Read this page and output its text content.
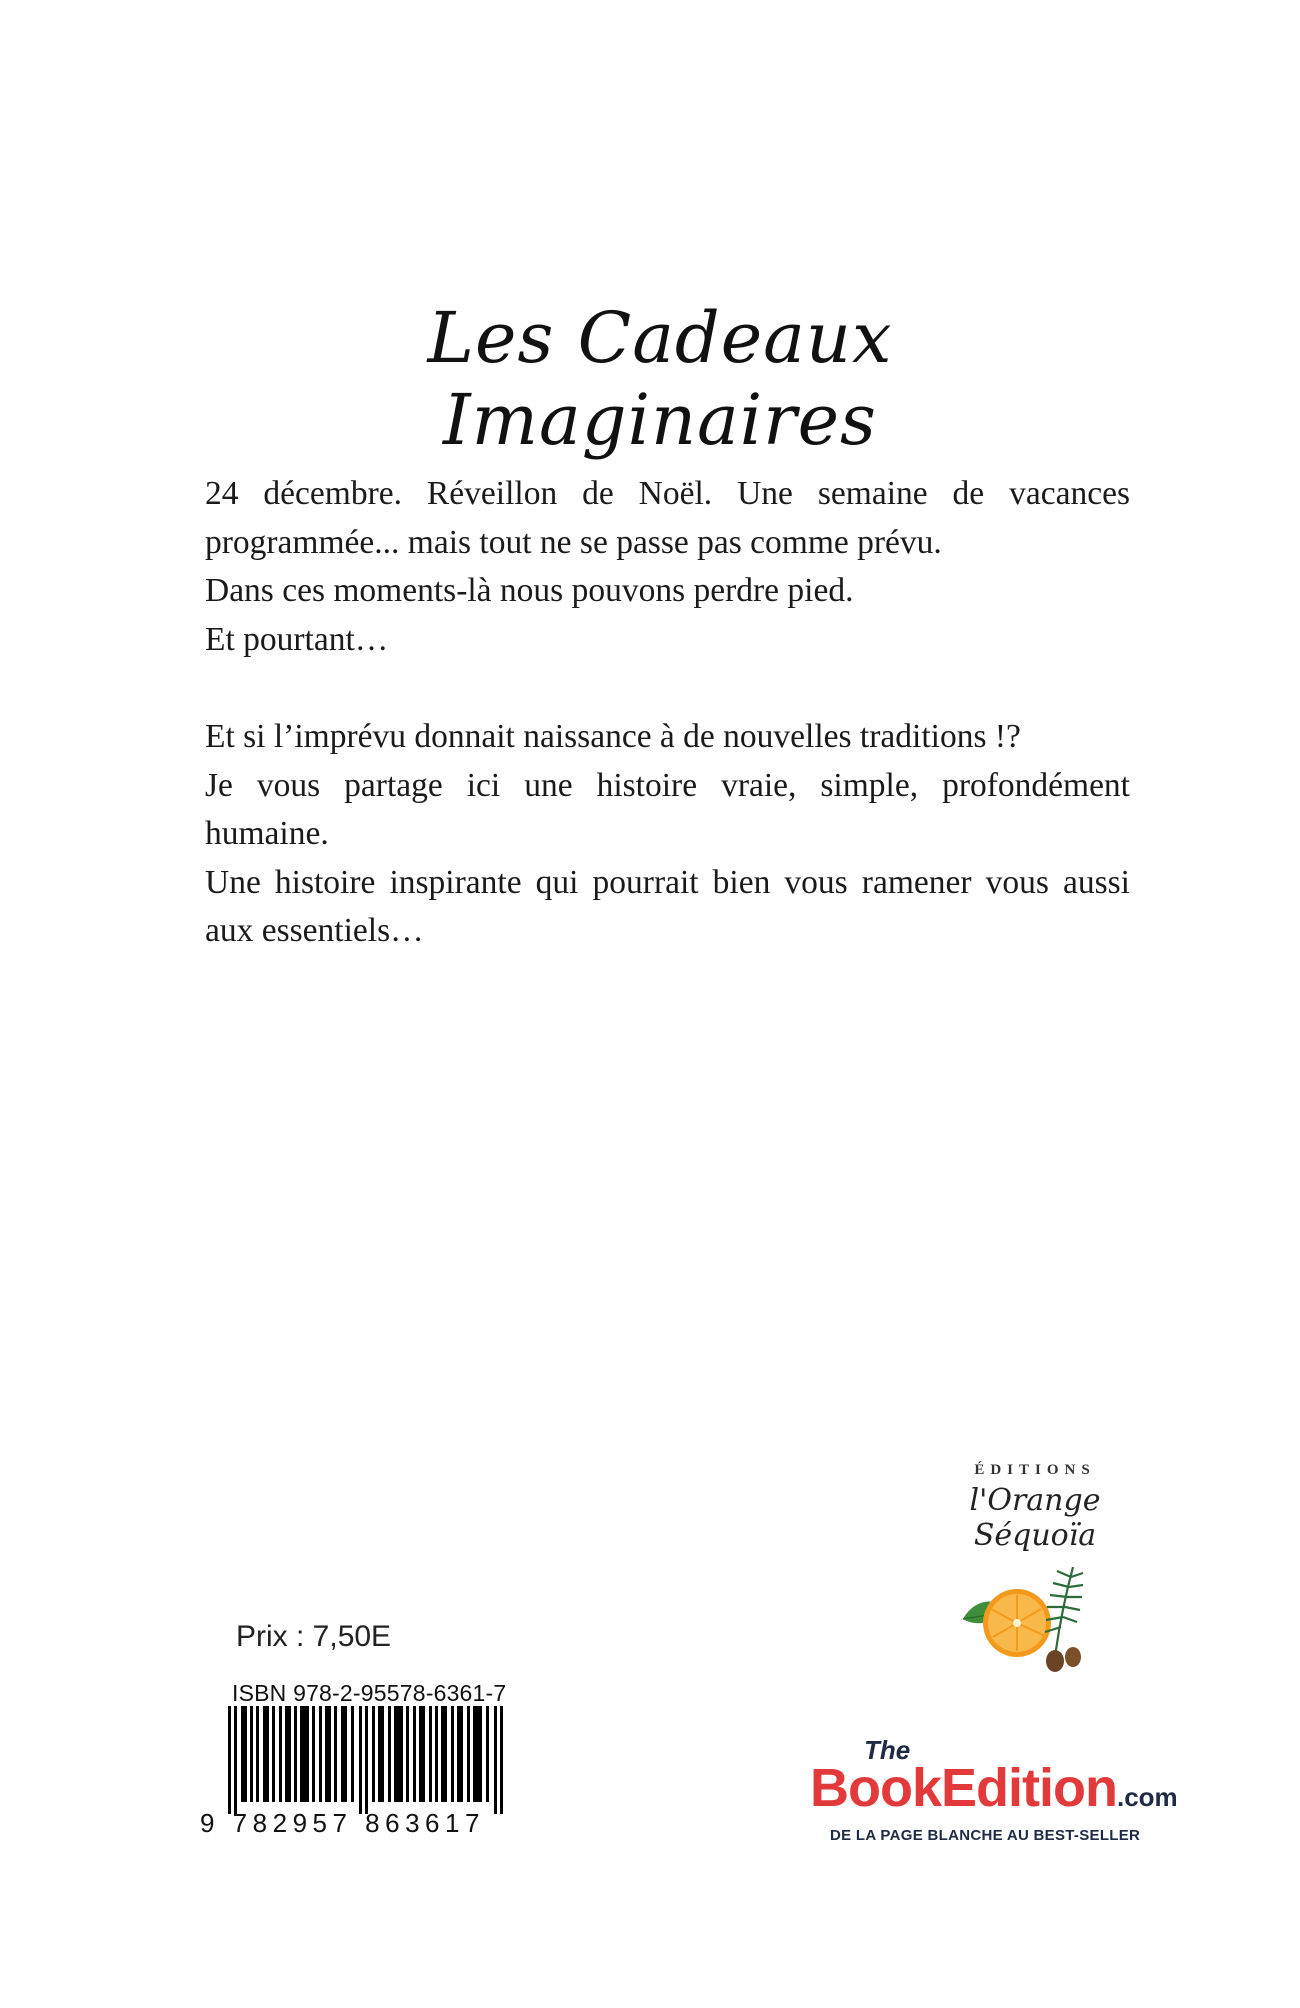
Les Cadeaux Imaginaires

24 décembre. Réveillon de Noël. Une semaine de vacances programmée... mais tout ne se passe pas comme prévu.

Dans ces moments-là nous pouvons perdre pied.

Et pourtant…

Et si l’imprévu donnait naissance à de nouvelles traditions !?

Je vous partage ici une histoire vraie, simple, profondément humaine.

Une histoire inspirante qui pourrait bien vous ramener vous aussi aux essentiels…

ÉDITIONS
l'Orange Séquoïa
Prix : 7,50E
ISBN 978-2-95578-6361-7
9 782957 863617
The
BookEdition.com
DE LA PAGE BLANCHE AU BEST-SELLER
